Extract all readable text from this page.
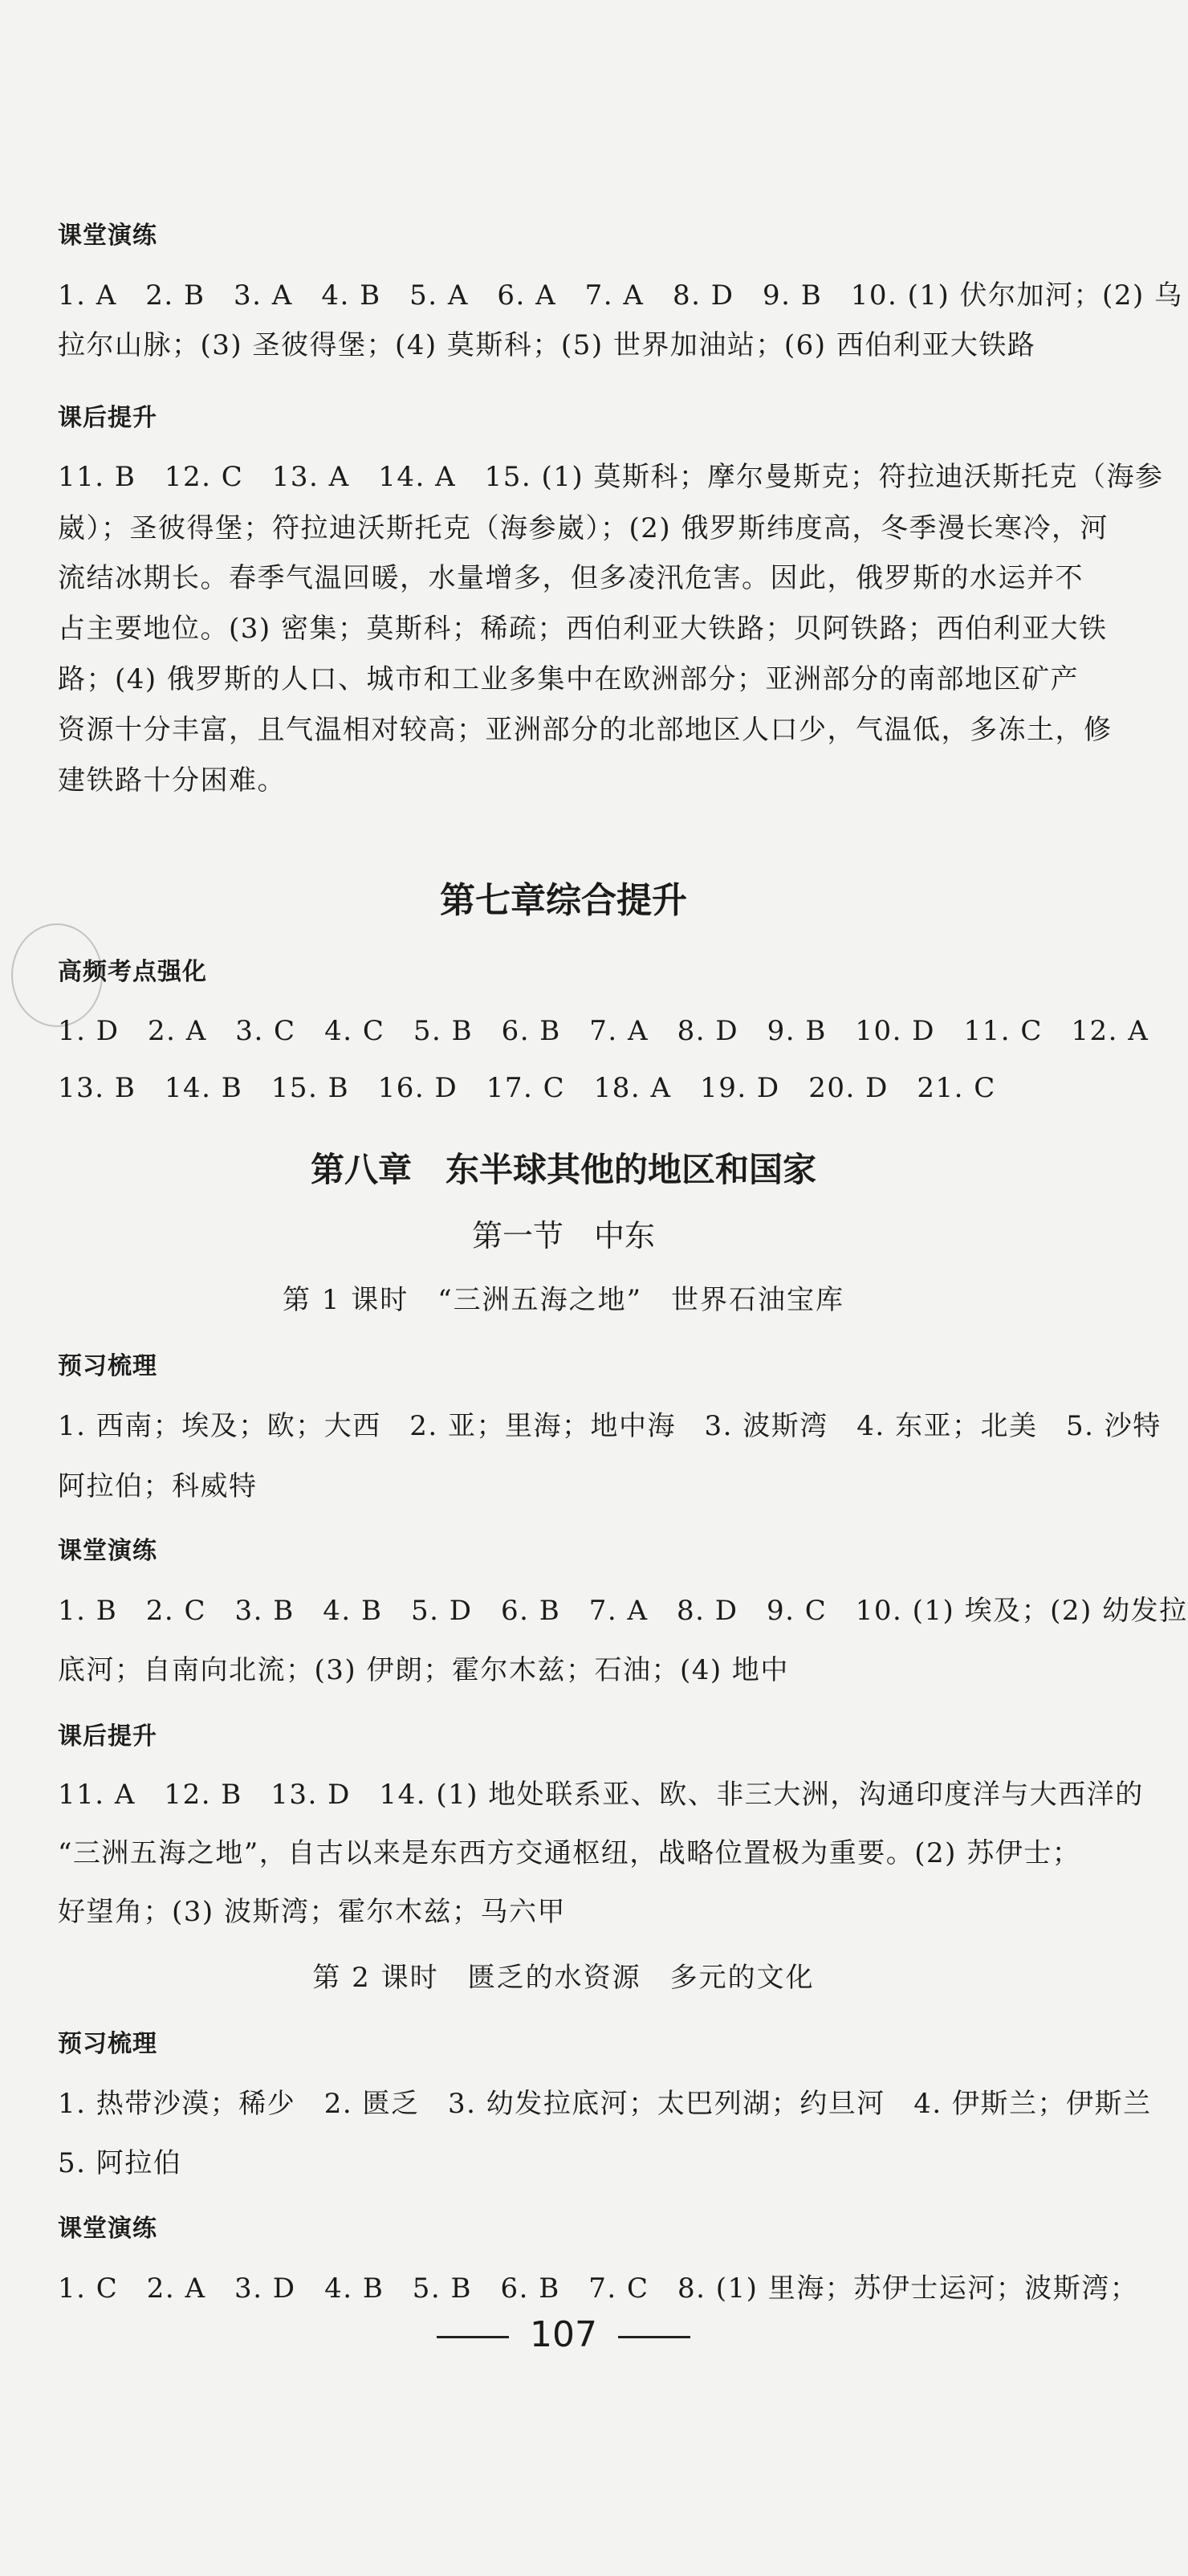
课堂演练
1. A　2. B　3. A　4. B　5. A　6. A　7. A　8. D　9. B　10. (1) 伏尔加河；(2) 乌
拉尔山脉；(3) 圣彼得堡；(4) 莫斯科；(5) 世界加油站；(6) 西伯利亚大铁路
课后提升
11. B　12. C　13. A　14. A　15. (1) 莫斯科；摩尔曼斯克；符拉迪沃斯托克（海参
崴）；圣彼得堡；符拉迪沃斯托克（海参崴）；(2) 俄罗斯纬度高，冬季漫长寒冷，河
流结冰期长。春季气温回暖，水量增多，但多凌汛危害。因此，俄罗斯的水运并不
占主要地位。(3) 密集；莫斯科；稀疏；西伯利亚大铁路；贝阿铁路；西伯利亚大铁
路；(4) 俄罗斯的人口、城市和工业多集中在欧洲部分；亚洲部分的南部地区矿产
资源十分丰富，且气温相对较高；亚洲部分的北部地区人口少，气温低，多冻土，修
建铁路十分困难。
第七章综合提升
高频考点强化
1. D　2. A　3. C　4. C　5. B　6. B　7. A　8. D　9. B　10. D　11. C　12. A
13. B　14. B　15. B　16. D　17. C　18. A　19. D　20. D　21. C
第八章　东半球其他的地区和国家
第一节　中东
第 1 课时　“三洲五海之地”　世界石油宝库
预习梳理
1. 西南；埃及；欧；大西　2. 亚；里海；地中海　3. 波斯湾　4. 东亚；北美　5. 沙特
阿拉伯；科威特
课堂演练
1. B　2. C　3. B　4. B　5. D　6. B　7. A　8. D　9. C　10. (1) 埃及；(2) 幼发拉
底河；自南向北流；(3) 伊朗；霍尔木兹；石油；(4) 地中
课后提升
11. A　12. B　13. D　14. (1) 地处联系亚、欧、非三大洲，沟通印度洋与大西洋的
“三洲五海之地”，自古以来是东西方交通枢纽，战略位置极为重要。(2) 苏伊士；
好望角；(3) 波斯湾；霍尔木兹；马六甲
第 2 课时　匮乏的水资源　多元的文化
预习梳理
1. 热带沙漠；稀少　2. 匮乏　3. 幼发拉底河；太巴列湖；约旦河　4. 伊斯兰；伊斯兰
5. 阿拉伯
课堂演练
1. C　2. A　3. D　4. B　5. B　6. B　7. C　8. (1) 里海；苏伊士运河；波斯湾；
107
